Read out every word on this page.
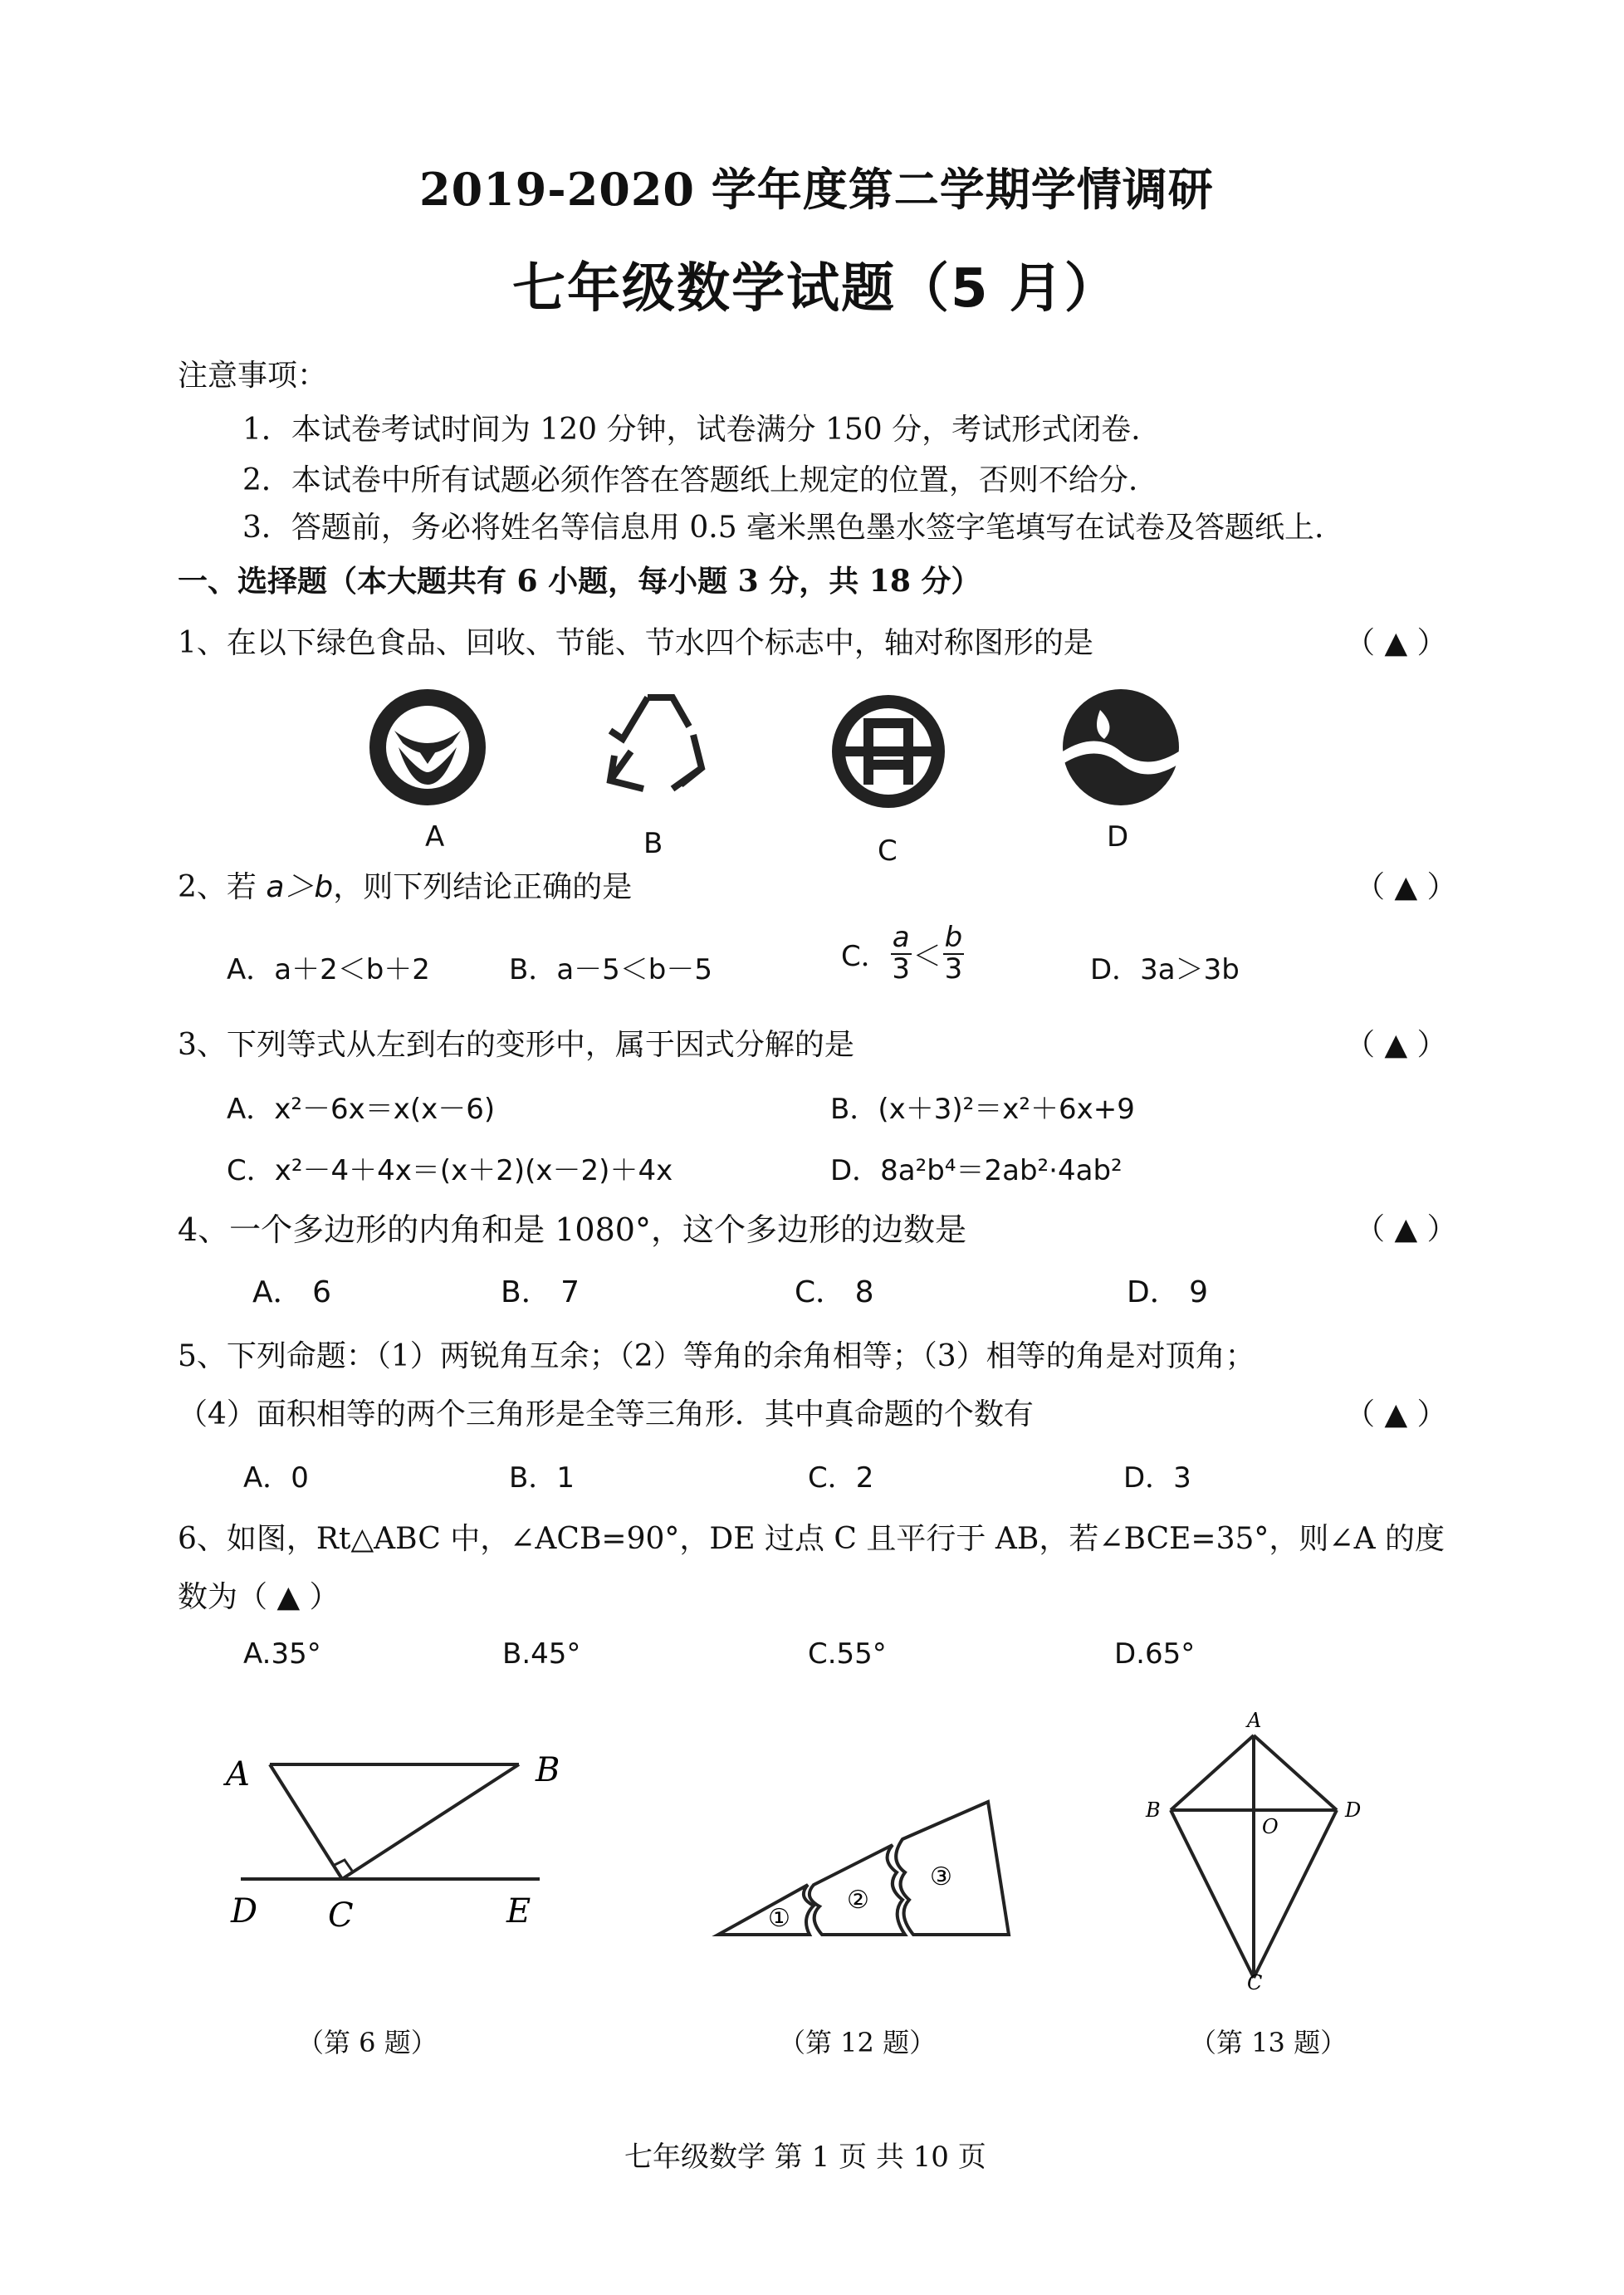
2019-2020 学年度第二学期学情调研
七年级数学试题（5 月）
注意事项：
1．本试卷考试时间为 120 分钟，试卷满分 150 分，考试形式闭卷.
2．本试卷中所有试题必须作答在答题纸上规定的位置，否则不给分.
3．答题前，务必将姓名等信息用 0.5 毫米黑色墨水签字笔填写在试卷及答题纸上.
一、选择题（本大题共有 6 小题，每小题 3 分，共 18 分）
1、在以下绿色食品、回收、节能、节水四个标志中，轴对称图形的是	（ ▲ ）
A	B	C	D
2、若 a＞b，则下列结论正确的是	（ ▲ ）
A．a＋2＜b＋2	B．a－5＜b－5	C． $\frac{a}{3} < \frac{b}{3}$	D．3a＞3b
3、下列等式从左到右的变形中，属于因式分解的是	（ ▲ ）
A．x²－6x＝x(x－6)	B．(x＋3)²＝x²＋6x+9
C．x²－4＋4x＝(x＋2)(x－2)＋4x	D．8a²b⁴＝2ab²·4ab²
4、一个多边形的内角和是 1080°，这个多边形的边数是	（ ▲ ）
A． 6	B． 7	C． 8	D． 9
5、下列命题：（1）两锐角互余；（2）等角的余角相等；（3）相等的角是对顶角；
（4）面积相等的两个三角形是全等三角形．其中真命题的个数有	（ ▲ ）
A．0	B．1	C．2	D．3
6、如图，Rt△ABC 中，∠ACB=90°，DE 过点 C 且平行于 AB，若∠BCE=35°，则∠A 的度
数为（ ▲ ）
A.35°	B.45°	C.55°	D.65°
A	B
C
D	E
（第 6 题）
①
②
③
（第 12 题）
A
B
C
D
O
（第 13 题）
七年级数学 第 1 页 共 10 页
